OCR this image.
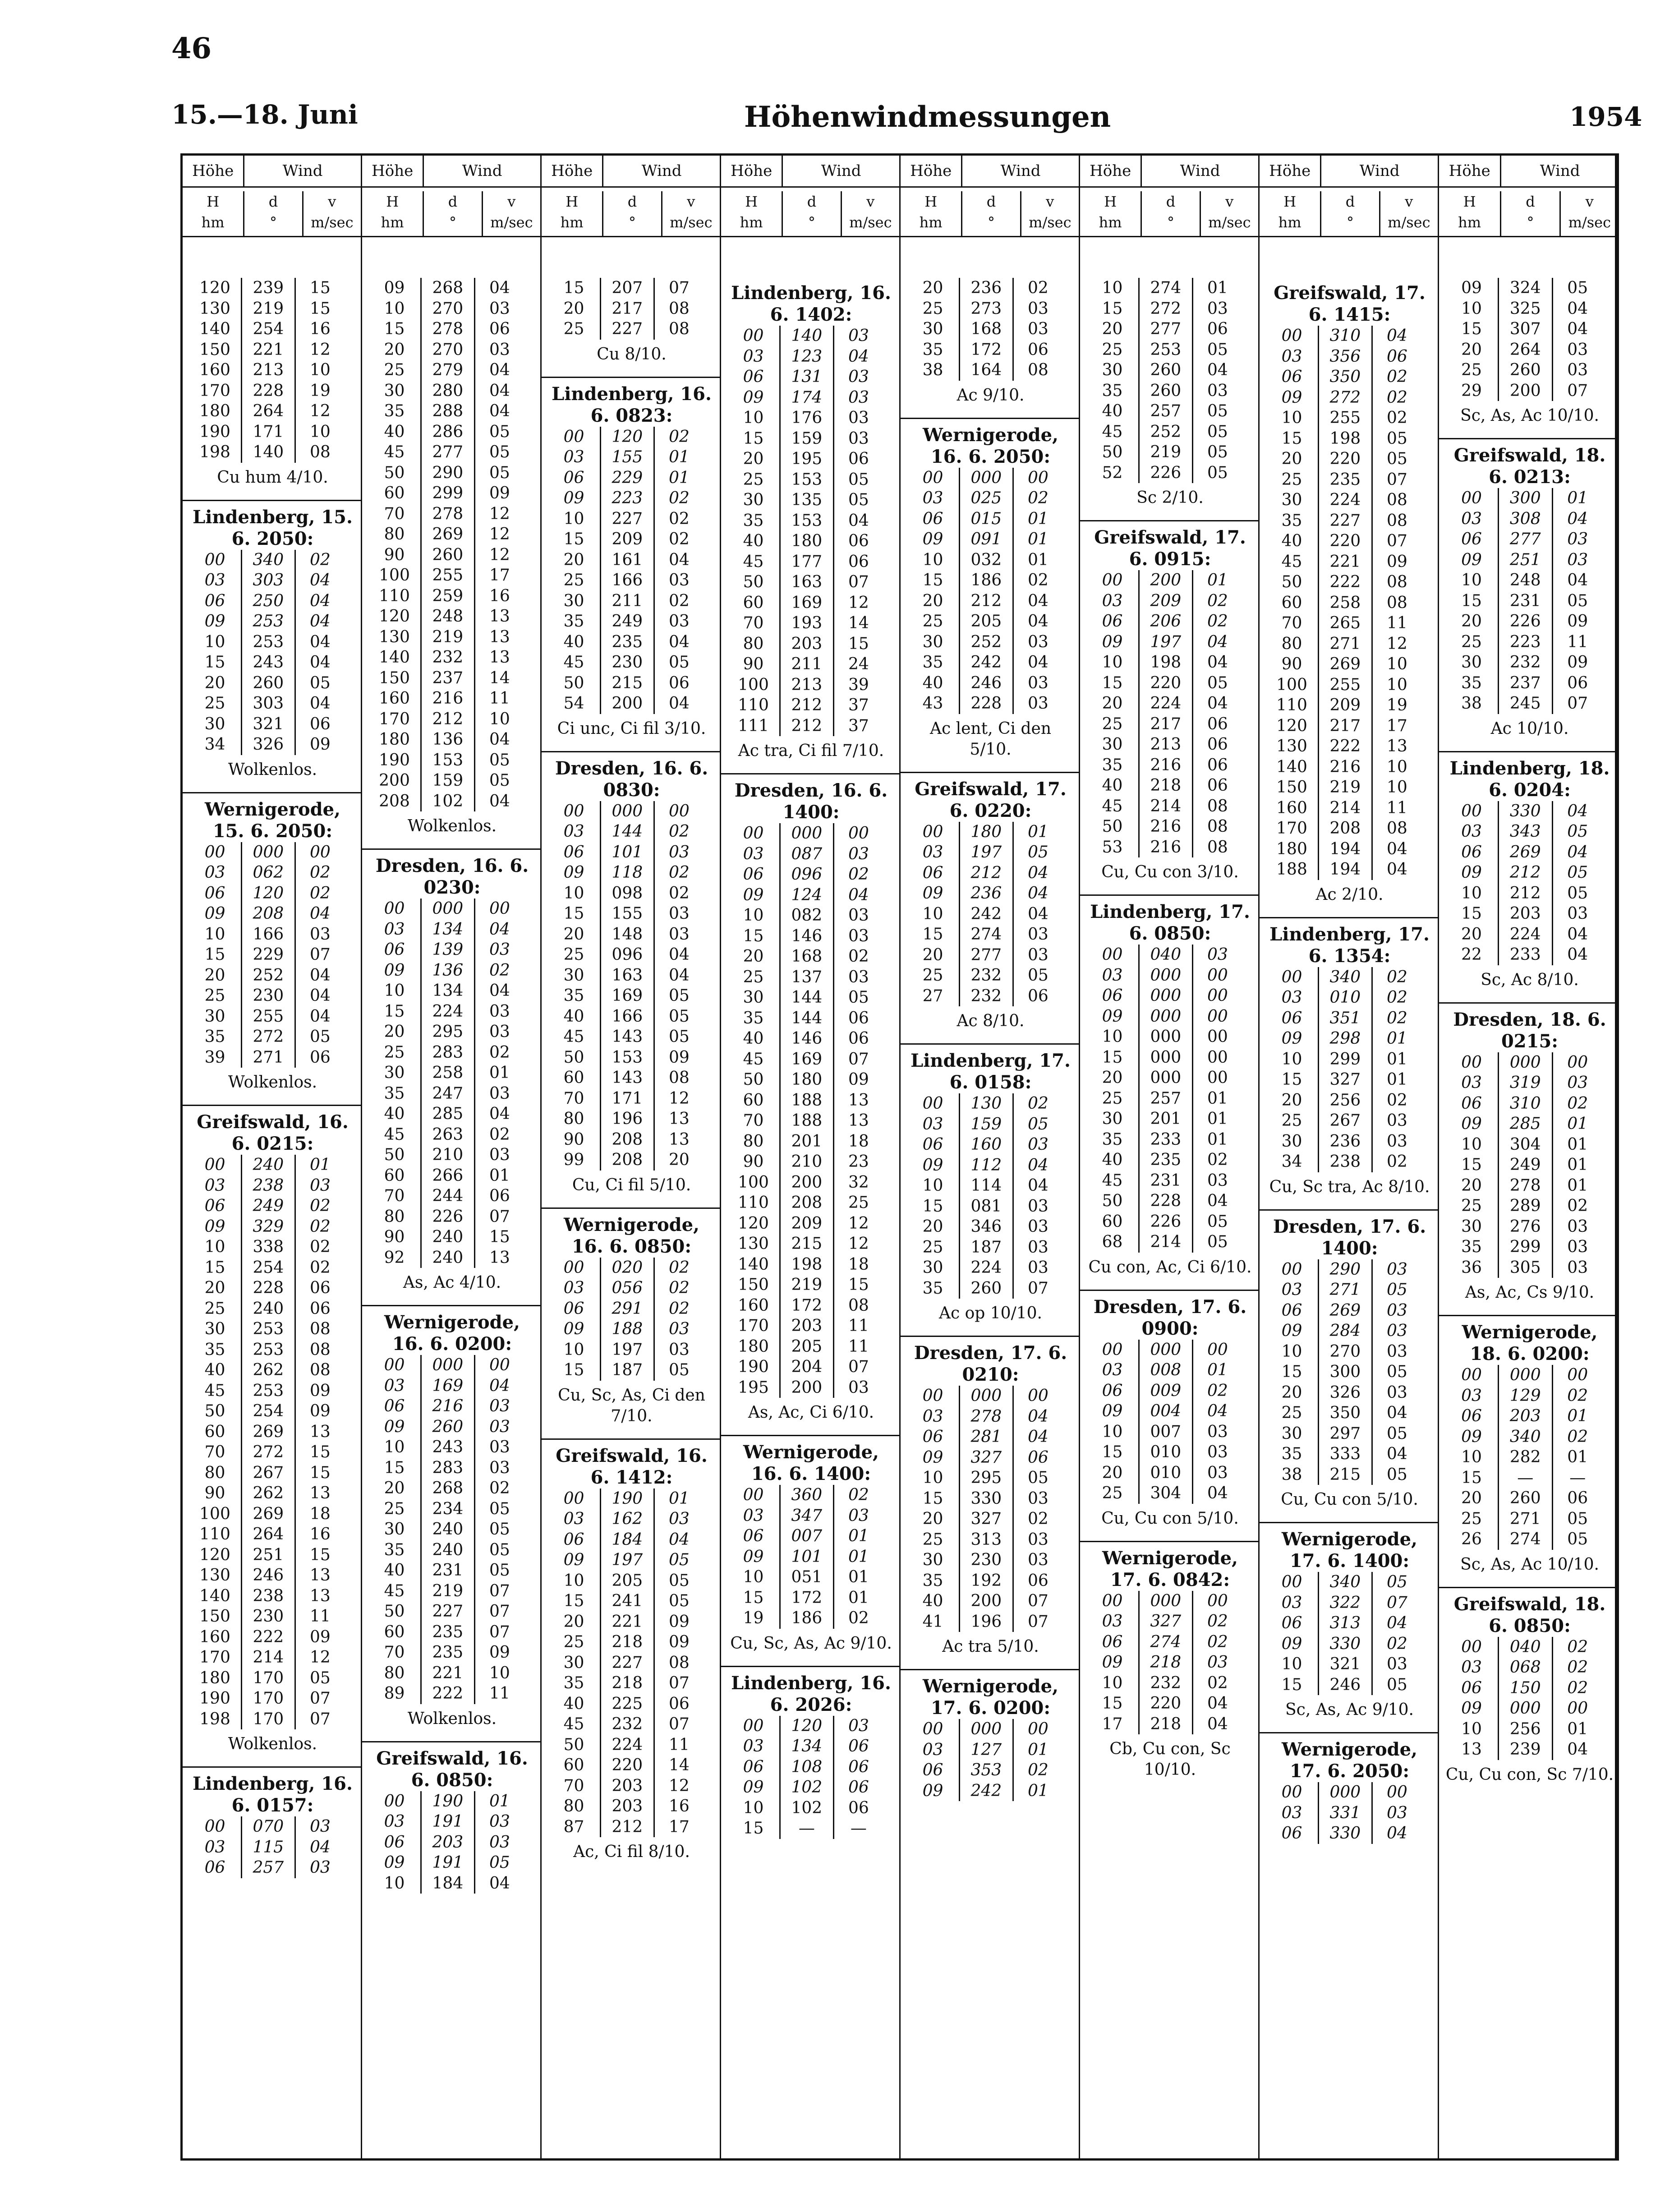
46
15.—18. Juni	Höhenwindmessungen	1954
Höhe	Wind
H
hm
d
°
v
m/sec
120	239	15
130	219	15
140	254	16
150	221	12
160	213	10
170	228	19
180	264	12
190	171	10
198	140	08
Cu hum 4/10.
Lindenberg, 15. 6. 2050:
00	340	02
03	303	04
06	250	04
09	253	04
10	253	04
15	243	04
20	260	05
25	303	04
30	321	06
34	326	09
Wolkenlos.
Wernigerode, 15. 6. 2050:
00	000	00
03	062	02
06	120	02
09	208	04
10	166	03
15	229	07
20	252	04
25	230	04
30	255	04
35	272	05
39	271	06
Wolkenlos.
Greifswald, 16. 6. 0215:
00	240	01
03	238	03
06	249	02
09	329	02
10	338	02
15	254	02
20	228	06
25	240	06
30	253	08
35	253	08
40	262	08
45	253	09
50	254	09
60	269	13
70	272	15
80	267	15
90	262	13
100	269	18
110	264	16
120	251	15
130	246	13
140	238	13
150	230	11
160	222	09
170	214	12
180	170	05
190	170	07
198	170	07
Wolkenlos.
Lindenberg, 16. 6. 0157:
00	070	03
03	115	04
06	257	03
Höhe	Wind
H
hm
d
°
v
m/sec
09	268	04
10	270	03
15	278	06
20	270	03
25	279	04
30	280	04
35	288	04
40	286	05
45	277	05
50	290	05
60	299	09
70	278	12
80	269	12
90	260	12
100	255	17
110	259	16
120	248	13
130	219	13
140	232	13
150	237	14
160	216	11
170	212	10
180	136	04
190	153	05
200	159	05
208	102	04
Wolkenlos.
Dresden, 16. 6. 0230:
00	000	00
03	134	04
06	139	03
09	136	02
10	134	04
15	224	03
20	295	03
25	283	02
30	258	01
35	247	03
40	285	04
45	263	02
50	210	03
60	266	01
70	244	06
80	226	07
90	240	15
92	240	13
As, Ac 4/10.
Wernigerode, 16. 6. 0200:
00	000	00
03	169	04
06	216	03
09	260	03
10	243	03
15	283	03
20	268	02
25	234	05
30	240	05
35	240	05
40	231	05
45	219	07
50	227	07
60	235	07
70	235	09
80	221	10
89	222	11
Wolkenlos.
Greifswald, 16. 6. 0850:
00	190	01
03	191	03
06	203	03
09	191	05
10	184	04
Höhe	Wind
H
hm
d
°
v
m/sec
15	207	07
20	217	08
25	227	08
Cu 8/10.
Lindenberg, 16. 6. 0823:
00	120	02
03	155	01
06	229	01
09	223	02
10	227	02
15	209	02
20	161	04
25	166	03
30	211	02
35	249	03
40	235	04
45	230	05
50	215	06
54	200	04
Ci unc, Ci fil 3/10.
Dresden, 16. 6. 0830:
00	000	00
03	144	02
06	101	03
09	118	02
10	098	02
15	155	03
20	148	03
25	096	04
30	163	04
35	169	05
40	166	05
45	143	05
50	153	09
60	143	08
70	171	12
80	196	13
90	208	13
99	208	20
Cu, Ci fil 5/10.
Wernigerode, 16. 6. 0850:
00	020	02
03	056	02
06	291	02
09	188	03
10	197	03
15	187	05
Cu, Sc, As, Ci den 7/10.
Greifswald, 16. 6. 1412:
00	190	01
03	162	03
06	184	04
09	197	05
10	205	05
15	241	05
20	221	09
25	218	09
30	227	08
35	218	07
40	225	06
45	232	07
50	224	11
60	220	14
70	203	12
80	203	16
87	212	17
Ac, Ci fil 8/10.
Höhe	Wind
H
hm
d
°
v
m/sec
Lindenberg, 16. 6. 1402:
00	140	03
03	123	04
06	131	03
09	174	03
10	176	03
15	159	03
20	195	06
25	153	05
30	135	05
35	153	04
40	180	06
45	177	06
50	163	07
60	169	12
70	193	14
80	203	15
90	211	24
100	213	39
110	212	37
111	212	37
Ac tra, Ci fil 7/10.
Dresden, 16. 6. 1400:
00	000	00
03	087	03
06	096	02
09	124	04
10	082	03
15	146	03
20	168	02
25	137	03
30	144	05
35	144	06
40	146	06
45	169	07
50	180	09
60	188	13
70	188	13
80	201	18
90	210	23
100	200	32
110	208	25
120	209	12
130	215	12
140	198	18
150	219	15
160	172	08
170	203	11
180	205	11
190	204	07
195	200	03
As, Ac, Ci 6/10.
Wernigerode, 16. 6. 1400:
00	360	02
03	347	03
06	007	01
09	101	01
10	051	01
15	172	01
19	186	02
Cu, Sc, As, Ac 9/10.
Lindenberg, 16. 6. 2026:
00	120	03
03	134	06
06	108	06
09	102	06
10	102	06
15	—	—
Höhe	Wind
H
hm
d
°
v
m/sec
20	236	02
25	273	03
30	168	03
35	172	06
38	164	08
Ac 9/10.
Wernigerode, 16. 6. 2050:
00	000	00
03	025	02
06	015	01
09	091	01
10	032	01
15	186	02
20	212	04
25	205	04
30	252	03
35	242	04
40	246	03
43	228	03
Ac lent, Ci den 5/10.
Greifswald, 17. 6. 0220:
00	180	01
03	197	05
06	212	04
09	236	04
10	242	04
15	274	03
20	277	03
25	232	05
27	232	06
Ac 8/10.
Lindenberg, 17. 6. 0158:
00	130	02
03	159	05
06	160	03
09	112	04
10	114	04
15	081	03
20	346	03
25	187	03
30	224	03
35	260	07
Ac op 10/10.
Dresden, 17. 6. 0210:
00	000	00
03	278	04
06	281	04
09	327	06
10	295	05
15	330	03
20	327	02
25	313	03
30	230	03
35	192	06
40	200	07
41	196	07
Ac tra 5/10.
Wernigerode, 17. 6. 0200:
00	000	00
03	127	01
06	353	02
09	242	01
Höhe	Wind
H
hm
d
°
v
m/sec
10	274	01
15	272	03
20	277	06
25	253	05
30	260	04
35	260	03
40	257	05
45	252	05
50	219	05
52	226	05
Sc 2/10.
Greifswald, 17. 6. 0915:
00	200	01
03	209	02
06	206	02
09	197	04
10	198	04
15	220	05
20	224	04
25	217	06
30	213	06
35	216	06
40	218	06
45	214	08
50	216	08
53	216	08
Cu, Cu con 3/10.
Lindenberg, 17. 6. 0850:
00	040	03
03	000	00
06	000	00
09	000	00
10	000	00
15	000	00
20	000	00
25	257	01
30	201	01
35	233	01
40	235	02
45	231	03
50	228	04
60	226	05
68	214	05
Cu con, Ac, Ci 6/10.
Dresden, 17. 6. 0900:
00	000	00
03	008	01
06	009	02
09	004	04
10	007	03
15	010	03
20	010	03
25	304	04
Cu, Cu con 5/10.
Wernigerode, 17. 6. 0842:
00	000	00
03	327	02
06	274	02
09	218	03
10	232	02
15	220	04
17	218	04
Cb, Cu con, Sc 10/10.
Höhe	Wind
H
hm
d
°
v
m/sec
Greifswald, 17. 6. 1415:
00	310	04
03	356	06
06	350	02
09	272	02
10	255	02
15	198	05
20	220	05
25	235	07
30	224	08
35	227	08
40	220	07
45	221	09
50	222	08
60	258	08
70	265	11
80	271	12
90	269	10
100	255	10
110	209	19
120	217	17
130	222	13
140	216	10
150	219	10
160	214	11
170	208	08
180	194	04
188	194	04
Ac 2/10.
Lindenberg, 17. 6. 1354:
00	340	02
03	010	02
06	351	02
09	298	01
10	299	01
15	327	01
20	256	02
25	267	03
30	236	03
34	238	02
Cu, Sc tra, Ac 8/10.
Dresden, 17. 6. 1400:
00	290	03
03	271	05
06	269	03
09	284	03
10	270	03
15	300	05
20	326	03
25	350	04
30	297	05
35	333	04
38	215	05
Cu, Cu con 5/10.
Wernigerode, 17. 6. 1400:
00	340	05
03	322	07
06	313	04
09	330	02
10	321	03
15	246	05
Sc, As, Ac 9/10.
Wernigerode, 17. 6. 2050:
00	000	00
03	331	03
06	330	04
Höhe	Wind
H
hm
d
°
v
m/sec
09	324	05
10	325	04
15	307	04
20	264	03
25	260	03
29	200	07
Sc, As, Ac 10/10.
Greifswald, 18. 6. 0213:
00	300	01
03	308	04
06	277	03
09	251	03
10	248	04
15	231	05
20	226	09
25	223	11
30	232	09
35	237	06
38	245	07
Ac 10/10.
Lindenberg, 18. 6. 0204:
00	330	04
03	343	05
06	269	04
09	212	05
10	212	05
15	203	03
20	224	04
22	233	04
Sc, Ac 8/10.
Dresden, 18. 6. 0215:
00	000	00
03	319	03
06	310	02
09	285	01
10	304	01
15	249	01
20	278	01
25	289	02
30	276	03
35	299	03
36	305	03
As, Ac, Cs 9/10.
Wernigerode, 18. 6. 0200:
00	000	00
03	129	02
06	203	01
09	340	02
10	282	01
15	—	—
20	260	06
25	271	05
26	274	05
Sc, As, Ac 10/10.
Greifswald, 18. 6. 0850:
00	040	02
03	068	02
06	150	02
09	000	00
10	256	01
13	239	04
Cu, Cu con, Sc 7/10.
